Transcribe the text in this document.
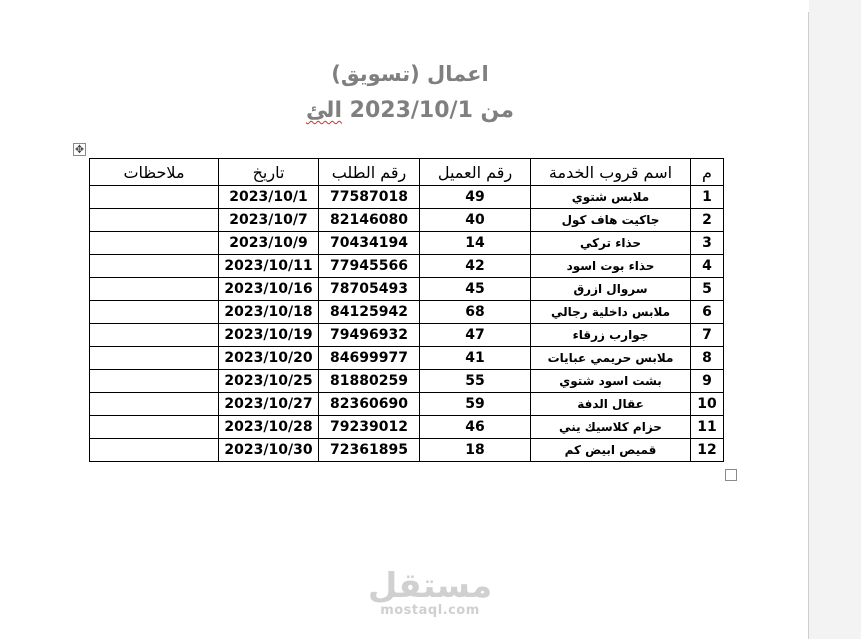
اعمال (تسويق)
من 2023/10/1 الئ
✥
م	اسم قروب الخدمة	رقم العميل	رقم الطلب	تاريخ	ملاحظات
1	ملابس شتوي	49	77587018	2023/10/1	
2	جاكيت هاف كول	40	82146080	2023/10/7	
3	حذاء تركي	14	70434194	2023/10/9	
4	حذاء بوت اسود	42	77945566	2023/10/11	
5	سروال ازرق	45	78705493	2023/10/16	
6	ملابس داخلية رجالي	68	84125942	2023/10/18	
7	جوارب زرقاء	47	79496932	2023/10/19	
8	ملابس حريمي عبايات	41	84699977	2023/10/20	
9	بشت اسود شتوي	55	81880259	2023/10/25	
10	عقال الدفة	59	82360690	2023/10/27	
11	حزام كلاسيك يني	46	79239012	2023/10/28	
12	قميص ابيض كم	18	72361895	2023/10/30	
مستقل
mostaql.com
